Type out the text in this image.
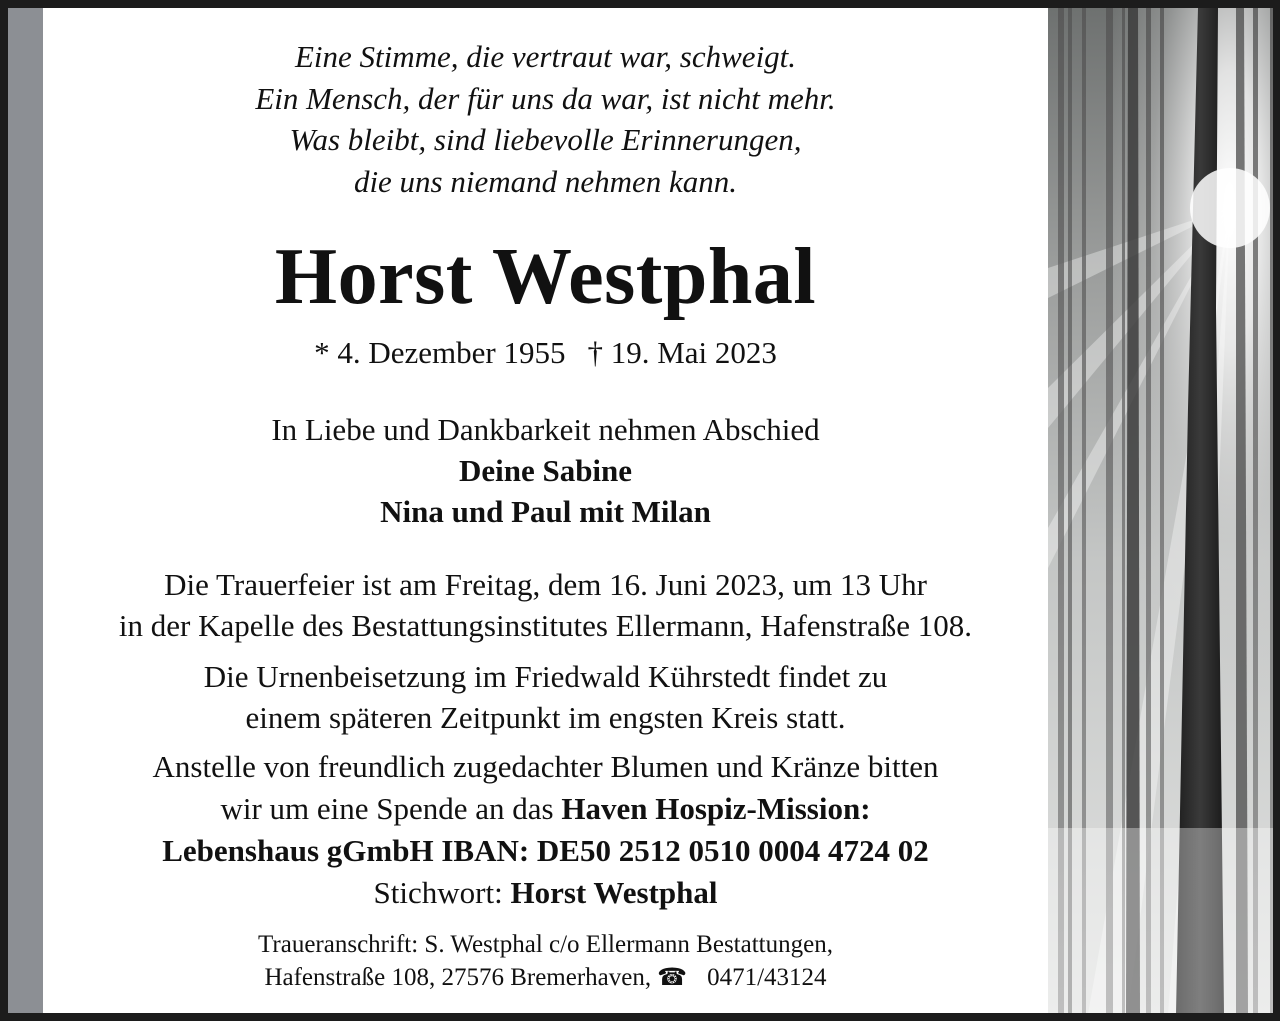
Eine Stimme, die vertraut war, schweigt.
Ein Mensch, der für uns da war, ist nicht mehr.
Was bleibt, sind liebevolle Erinnerungen,
die uns niemand nehmen kann.
Horst Westphal
* 4. Dezember 1955 † 19. Mai 2023
In Liebe und Dankbarkeit nehmen Abschied
Deine Sabine
Nina und Paul mit Milan
Die Trauerfeier ist am Freitag, dem 16. Juni 2023, um 13 Uhr
in der Kapelle des Bestattungsinstitutes Ellermann, Hafenstraße 108.
Die Urnenbeisetzung im Friedwald Kührstedt findet zu
einem späteren Zeitpunkt im engsten Kreis statt.
Anstelle von freundlich zugedachter Blumen und Kränze bitten
wir um eine Spende an das Haven Hospiz-Mission:
Lebenshaus gGmbH IBAN: DE50 2512 0510 0004 4724 02
Stichwort: Horst Westphal
Traueranschrift: S. Westphal c/o Ellermann Bestattungen,
Hafenstraße 108, 27576 Bremerhaven, ☎ 0471/43124
